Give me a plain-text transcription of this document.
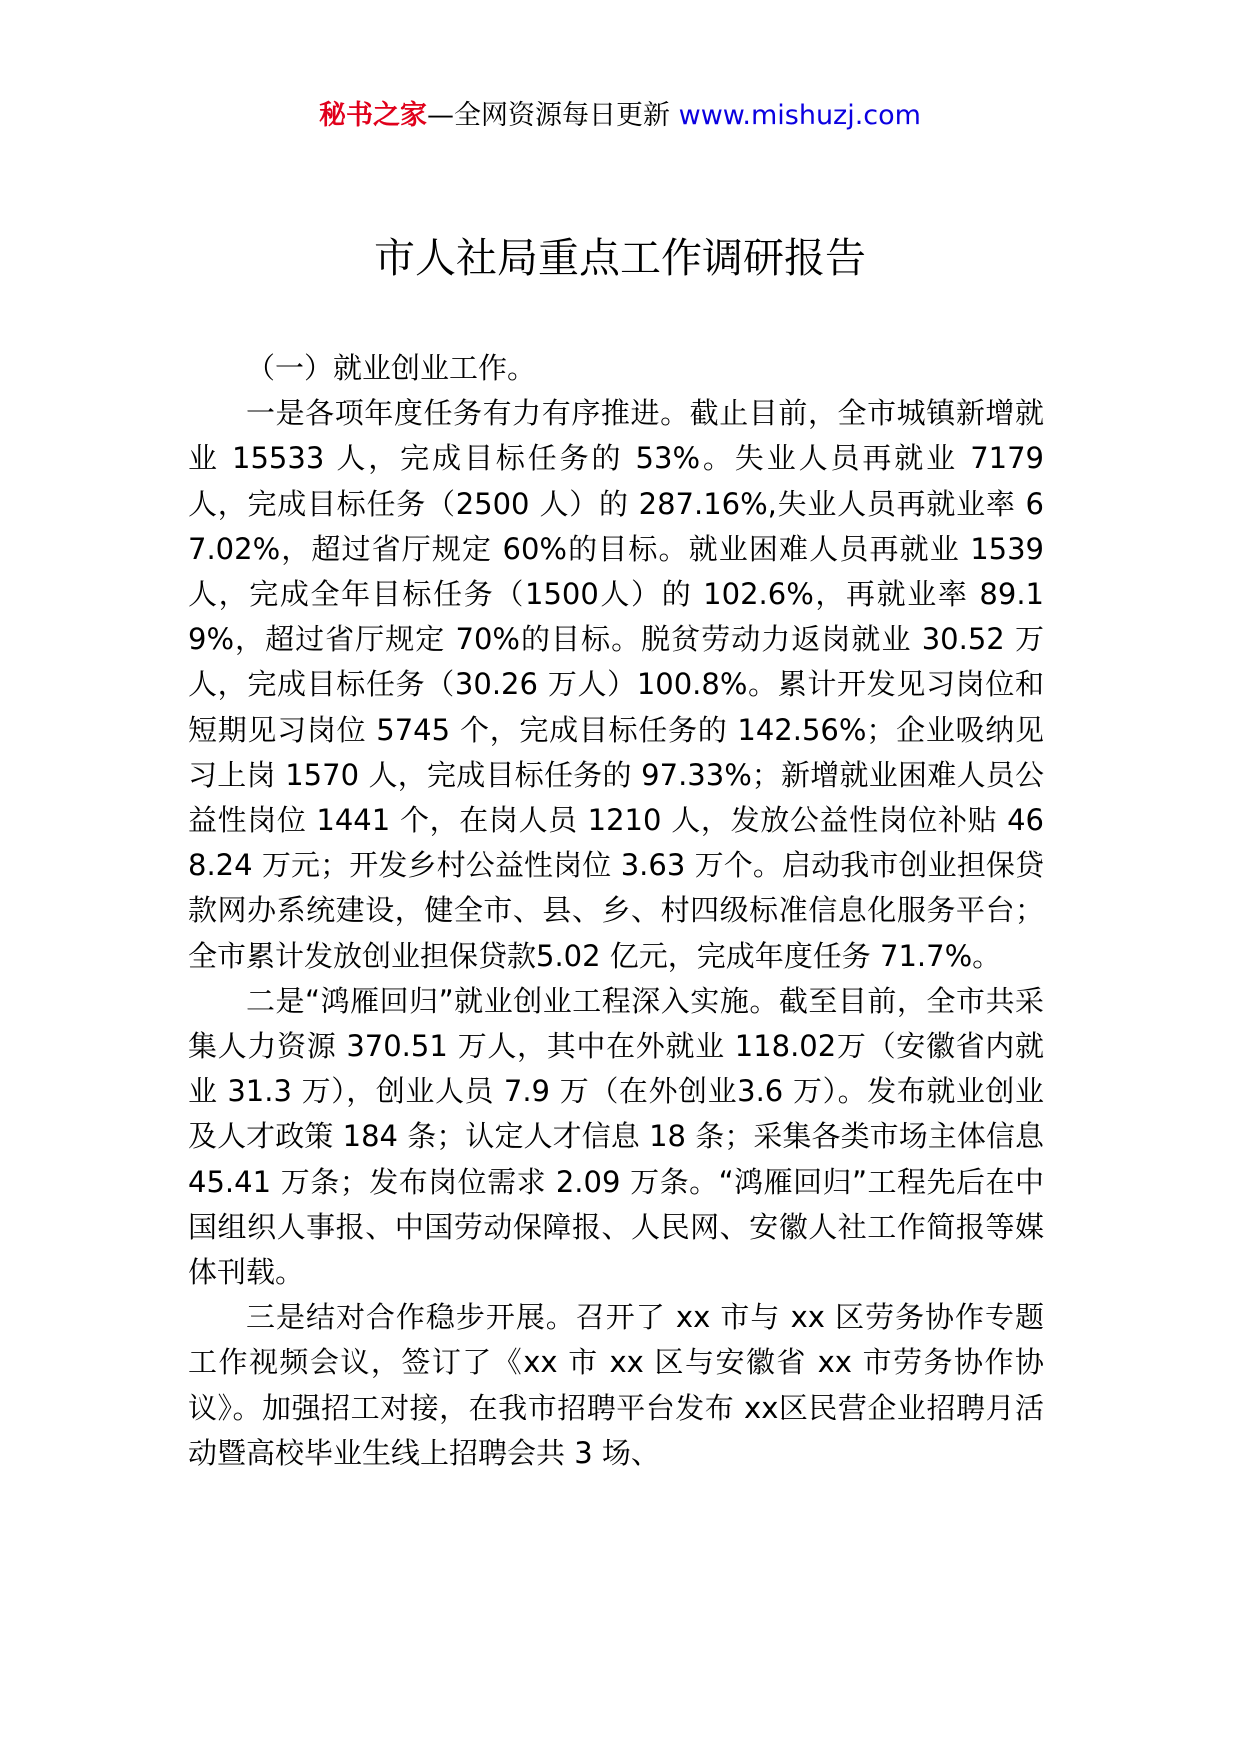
秘书之家—全网资源每日更新 www.mishuzj.com
市人社局重点工作调研报告

（一）就业创业工作。

一是各项年度任务有力有序推进。截止目前，全市城镇新增就业 15533 人，完成目标任务的 53%。失业人员再就业 7179 人，完成目标任务（2500 人）的 287.16%,失业人员再就业率 67.02%，超过省厅规定 60%的目标。就业困难人员再就业 1539 人，完成全年目标任务（1500人）的 102.6%，再就业率 89.19%，超过省厅规定 70%的目标。脱贫劳动力返岗就业 30.52 万人，完成目标任务（30.26 万人）100.8%。累计开发见习岗位和短期见习岗位 5745 个，完成目标任务的 142.56%；企业吸纳见习上岗 1570 人，完成目标任务的 97.33%；新增就业困难人员公益性岗位 1441 个，在岗人员 1210 人，发放公益性岗位补贴 468.24 万元；开发乡村公益性岗位 3.63 万个。启动我市创业担保贷款网办系统建设，健全市、县、乡、村四级标准信息化服务平台；全市累计发放创业担保贷款5.02 亿元，完成年度任务 71.7%。

二是“鸿雁回归”就业创业工程深入实施。截至目前，全市共采集人力资源 370.51 万人，其中在外就业 118.02万（安徽省内就业 31.3 万），创业人员 7.9 万（在外创业3.6 万）。发布就业创业及人才政策 184 条；认定人才信息 18 条；采集各类市场主体信息 45.41 万条；发布岗位需求 2.09 万条。“鸿雁回归”工程先后在中国组织人事报、中国劳动保障报、人民网、安徽人社工作简报等媒体刊载。

三是结对合作稳步开展。召开了 xx 市与 xx 区劳务协作专题工作视频会议，签订了《xx 市 xx 区与安徽省 xx 市劳务协作协议》。加强招工对接，在我市招聘平台发布 xx区民营企业招聘月活动暨高校毕业生线上招聘会共 3 场、
